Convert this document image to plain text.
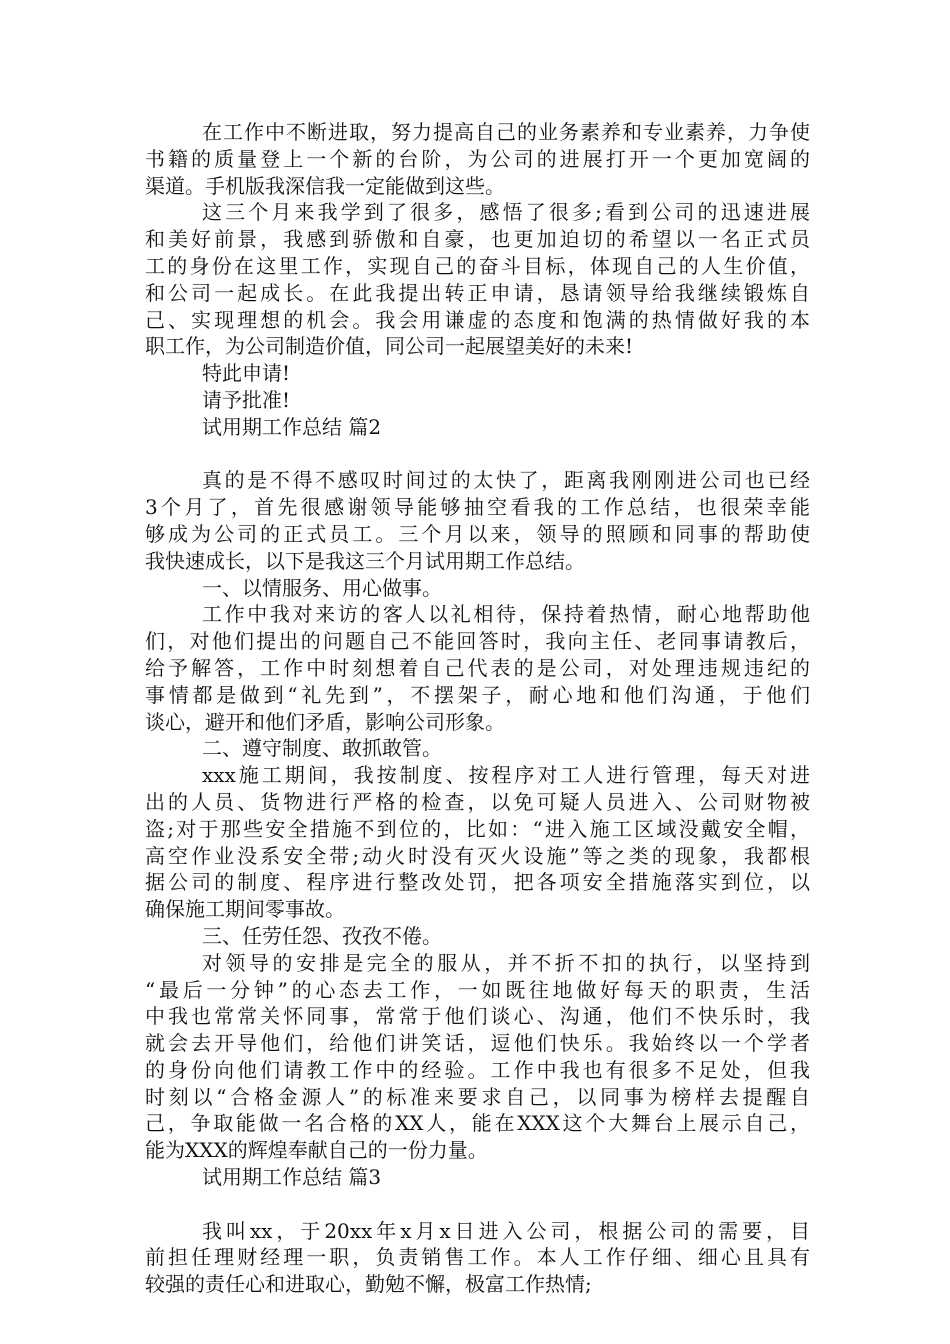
在工作中不断进取，努力提高自己的业务素养和专业素养，力争使
书籍的质量登上一个新的台阶，为公司的进展打开一个更加宽阔的
渠道。手机版我深信我一定能做到这些。
这三个月来我学到了很多，感悟了很多;看到公司的迅速进展
和美好前景，我感到骄傲和自豪，也更加迫切的希望以一名正式员
工的身份在这里工作，实现自己的奋斗目标，体现自己的人生价值，
和公司一起成长。在此我提出转正申请，恳请领导给我继续锻炼自
己、实现理想的机会。我会用谦虚的态度和饱满的热情做好我的本
职工作，为公司制造价值，同公司一起展望美好的未来!
特此申请!
请予批准!
试用期工作总结 篇2
真的是不得不感叹时间过的太快了，距离我刚刚进公司也已经
3个月了，首先很感谢领导能够抽空看我的工作总结，也很荣幸能
够成为公司的正式员工。三个月以来，领导的照顾和同事的帮助使
我快速成长，以下是我这三个月试用期工作总结。
一、以情服务、用心做事。
工作中我对来访的客人以礼相待，保持着热情，耐心地帮助他
们，对他们提出的问题自己不能回答时，我向主任、老同事请教后，
给予解答，工作中时刻想着自己代表的是公司，对处理违规违纪的
事情都是做到“礼先到”，不摆架子，耐心地和他们沟通，于他们
谈心，避开和他们矛盾，影响公司形象。
二、遵守制度、敢抓敢管。
xxx施工期间，我按制度、按程序对工人进行管理，每天对进
出的人员、货物进行严格的检查，以免可疑人员进入、公司财物被
盗;对于那些安全措施不到位的，比如：“进入施工区域没戴安全帽，
高空作业没系安全带;动火时没有灭火设施”等之类的现象，我都根
据公司的制度、程序进行整改处罚，把各项安全措施落实到位，以
确保施工期间零事故。
三、任劳任怨、孜孜不倦。
对领导的安排是完全的服从，并不折不扣的执行，以坚持到
“最后一分钟”的心态去工作，一如既往地做好每天的职责，生活
中我也常常关怀同事，常常于他们谈心、沟通，他们不快乐时，我
就会去开导他们，给他们讲笑话，逗他们快乐。我始终以一个学者
的身份向他们请教工作中的经验。工作中我也有很多不足处，但我
时刻以“合格金源人”的标准来要求自己，以同事为榜样去提醒自
己，争取能做一名合格的XX人，能在XXX这个大舞台上展示自己，
能为XXX的辉煌奉献自己的一份力量。
试用期工作总结 篇3
我叫xx，于20xx年x月x日进入公司，根据公司的需要，目
前担任理财经理一职，负责销售工作。本人工作仔细、细心且具有
较强的责任心和进取心，勤勉不懈，极富工作热情;
